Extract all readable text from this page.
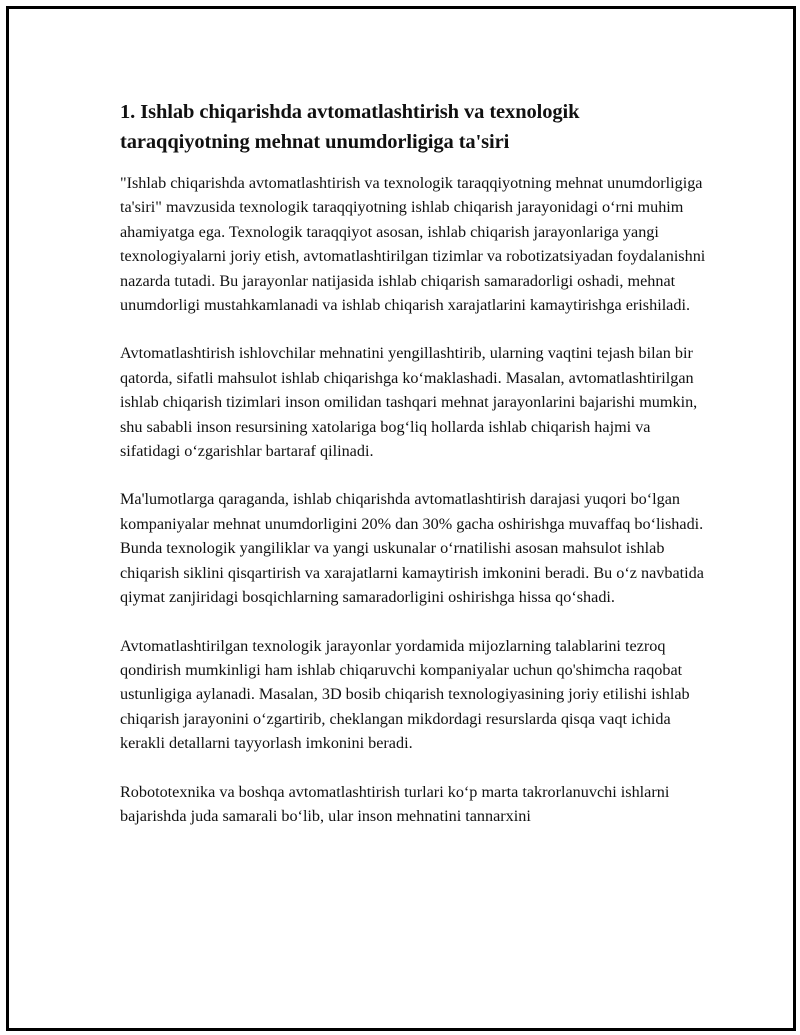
1. Ishlab chiqarishda avtomatlashtirish va texnologik taraqqiyotning mehnat unumdorligiga ta'siri

"Ishlab chiqarishda avtomatlashtirish va texnologik taraqqiyotning mehnat unumdorligiga ta'siri" mavzusida texnologik taraqqiyotning ishlab chiqarish jarayonidagi o‘rni muhim ahamiyatga ega. Texnologik taraqqiyot asosan, ishlab chiqarish jarayonlariga yangi texnologiyalarni joriy etish, avtomatlashtirilgan tizimlar va robotizatsiyadan foydalanishni nazarda tutadi. Bu jarayonlar natijasida ishlab chiqarish samaradorligi oshadi, mehnat unumdorligi mustahkamlanadi va ishlab chiqarish xarajatlarini kamaytirishga erishiladi.

Avtomatlashtirish ishlovchilar mehnatini yengillashtirib, ularning vaqtini tejash bilan bir qatorda, sifatli mahsulot ishlab chiqarishga ko‘maklashadi. Masalan, avtomatlashtirilgan ishlab chiqarish tizimlari inson omilidan tashqari mehnat jarayonlarini bajarishi mumkin, shu sababli inson resursining xatolariga bog‘liq hollarda ishlab chiqarish hajmi va sifatidagi o‘zgarishlar bartaraf qilinadi.

Ma'lumotlarga qaraganda, ishlab chiqarishda avtomatlashtirish darajasi yuqori bo‘lgan kompaniyalar mehnat unumdorligini 20% dan 30% gacha oshirishga muvaffaq bo‘lishadi. Bunda texnologik yangiliklar va yangi uskunalar o‘rnatilishi asosan mahsulot ishlab chiqarish siklini qisqartirish va xarajatlarni kamaytirish imkonini beradi. Bu o‘z navbatida qiymat zanjiridagi bosqichlarning samaradorligini oshirishga hissa qo‘shadi.

Avtomatlashtirilgan texnologik jarayonlar yordamida mijozlarning talablarini tezroq qondirish mumkinligi ham ishlab chiqaruvchi kompaniyalar uchun qo'shimcha raqobat ustunligiga aylanadi. Masalan, 3D bosib chiqarish texnologiyasining joriy etilishi ishlab chiqarish jarayonini o‘zgartirib, cheklangan mikdordagi resurslarda qisqa vaqt ichida kerakli detallarni tayyorlash imkonini beradi.

Robototexnika va boshqa avtomatlashtirish turlari ko‘p marta takrorlanuvchi ishlarni bajarishda juda samarali bo‘lib, ular inson mehnatini tannarxini
